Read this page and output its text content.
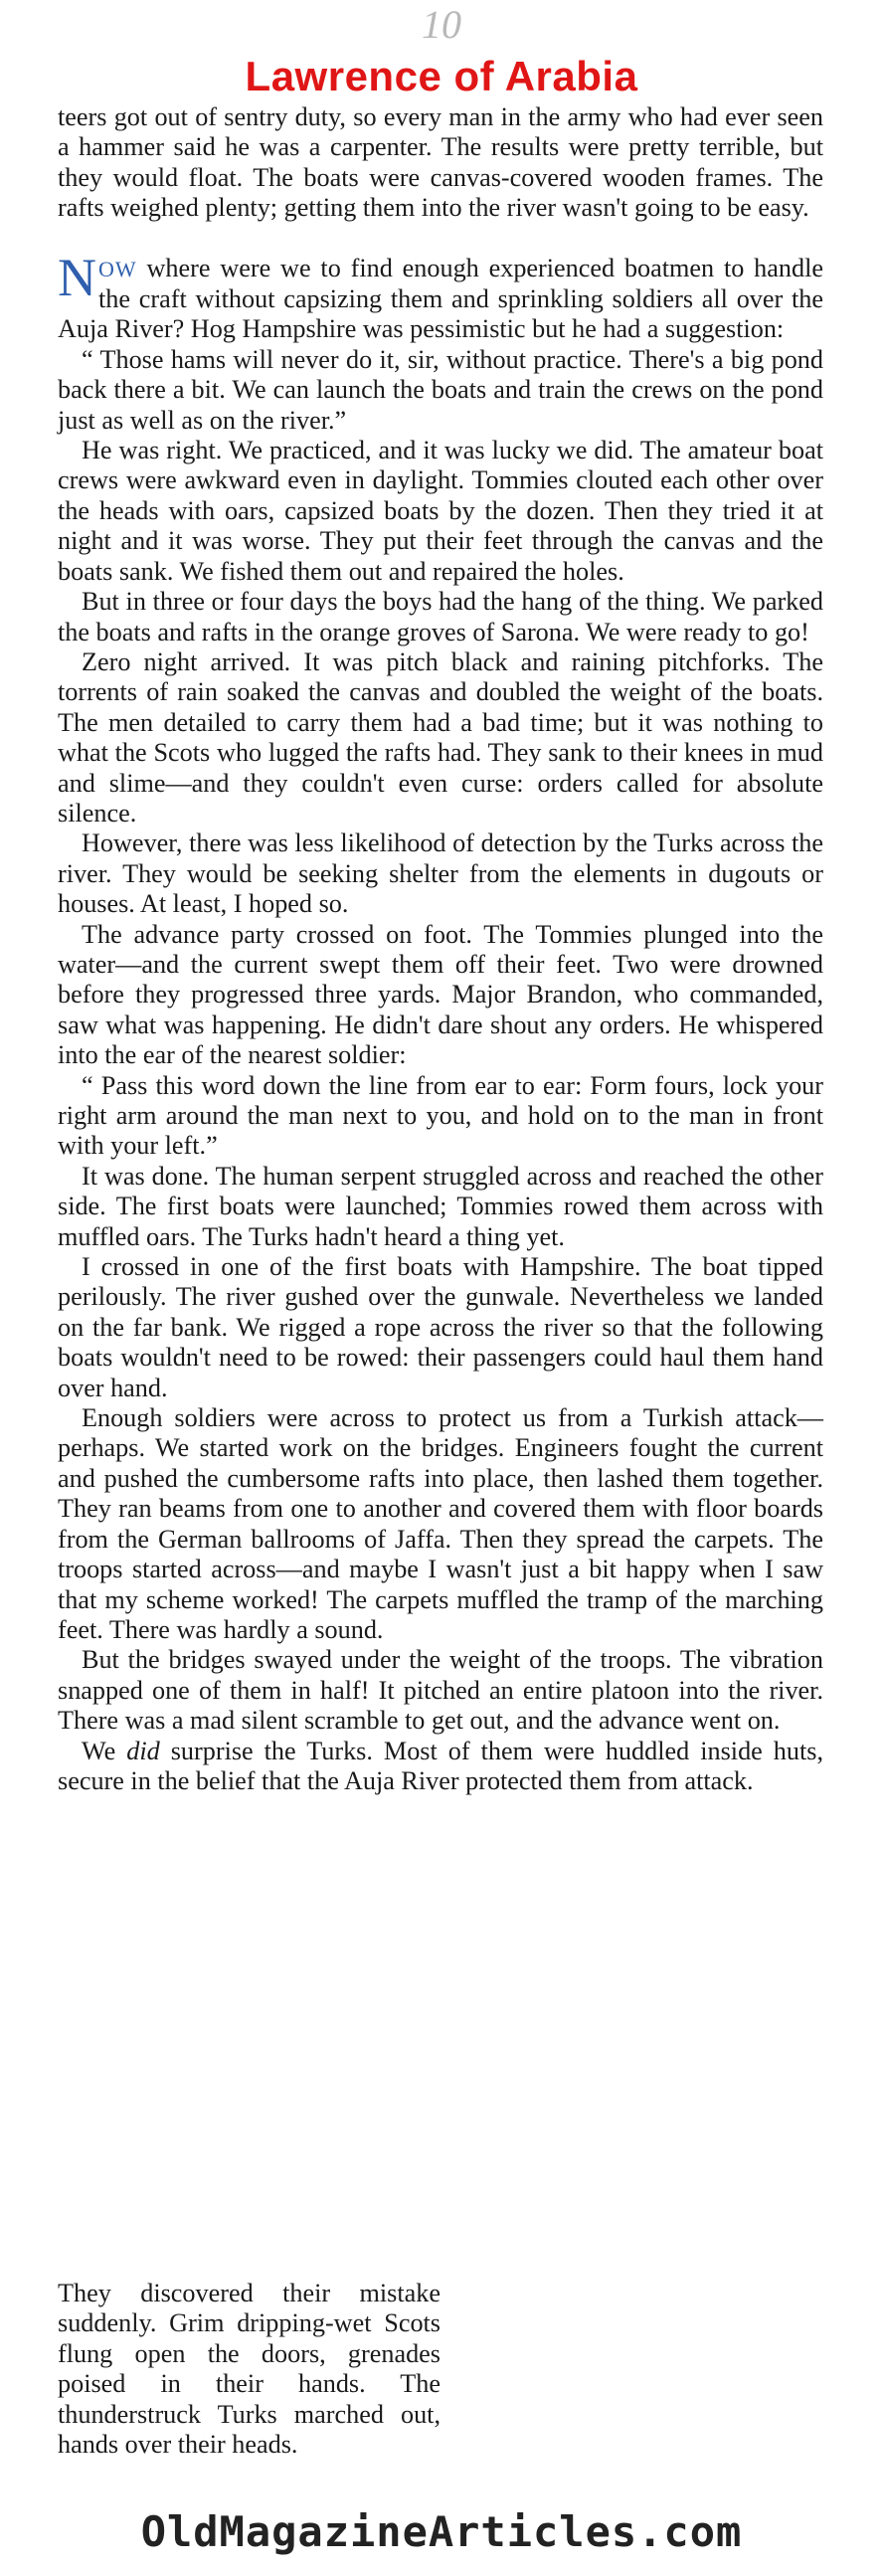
10
Lawrence of Arabia

teers got out of sentry duty, so every man in the army who had ever seen a hammer said he was a carpenter. The results were pretty terrible, but they would float. The boats were canvas-covered wooden frames. The rafts weighed plenty; getting them into the river wasn't going to be easy.

NOW where were we to find enough experienced boatmen to handle the craft without capsizing them and sprinkling soldiers all over the Auja River? Hog Hampshire was pessimistic but he had a suggestion:

“ Those hams will never do it, sir, without practice. There's a big pond back there a bit. We can launch the boats and train the crews on the pond just as well as on the river.”

He was right. We practiced, and it was lucky we did. The amateur boat crews were awkward even in daylight. Tommies clouted each other over the heads with oars, capsized boats by the dozen. Then they tried it at night and it was worse. They put their feet through the canvas and the boats sank. We fished them out and repaired the holes.

But in three or four days the boys had the hang of the thing. We parked the boats and rafts in the orange groves of Sarona. We were ready to go!

Zero night arrived. It was pitch black and raining pitchforks. The torrents of rain soaked the canvas and doubled the weight of the boats. The men detailed to carry them had a bad time; but it was nothing to what the Scots who lugged the rafts had. They sank to their knees in mud and slime—and they couldn't even curse: orders called for absolute silence.

However, there was less likelihood of detection by the Turks across the river. They would be seeking shelter from the elements in dugouts or houses. At least, I hoped so.

The advance party crossed on foot. The Tommies plunged into the water—and the current swept them off their feet. Two were drowned before they progressed three yards. Major Brandon, who commanded, saw what was happening. He didn't dare shout any orders. He whispered into the ear of the nearest soldier:

“ Pass this word down the line from ear to ear: Form fours, lock your right arm around the man next to you, and hold on to the man in front with your left.”

It was done. The human serpent struggled across and reached the other side. The first boats were launched; Tommies rowed them across with muffled oars. The Turks hadn't heard a thing yet.

I crossed in one of the first boats with Hampshire. The boat tipped perilously. The river gushed over the gunwale. Nevertheless we landed on the far bank. We rigged a rope across the river so that the following boats wouldn't need to be rowed: their passengers could haul them hand over hand.

Enough soldiers were across to protect us from a Turkish attack—perhaps. We started work on the bridges. Engineers fought the current and pushed the cumbersome rafts into place, then lashed them together. They ran beams from one to another and covered them with floor boards from the German ballrooms of Jaffa. Then they spread the carpets. The troops started across—and maybe I wasn't just a bit happy when I saw that my scheme worked! The carpets muffled the tramp of the marching feet. There was hardly a sound.

But the bridges swayed under the weight of the troops. The vibration snapped one of them in half! It pitched an entire platoon into the river. There was a mad silent scramble to get out, and the advance went on.

We did surprise the Turks. Most of them were huddled inside huts, secure in the belief that the Auja River protected them from attack.

They discovered their mistake suddenly. Grim dripping-wet Scots flung open the doors, grenades poised in their hands. The thunderstruck Turks marched out, hands over their heads.

OldMagazineArticles.com
